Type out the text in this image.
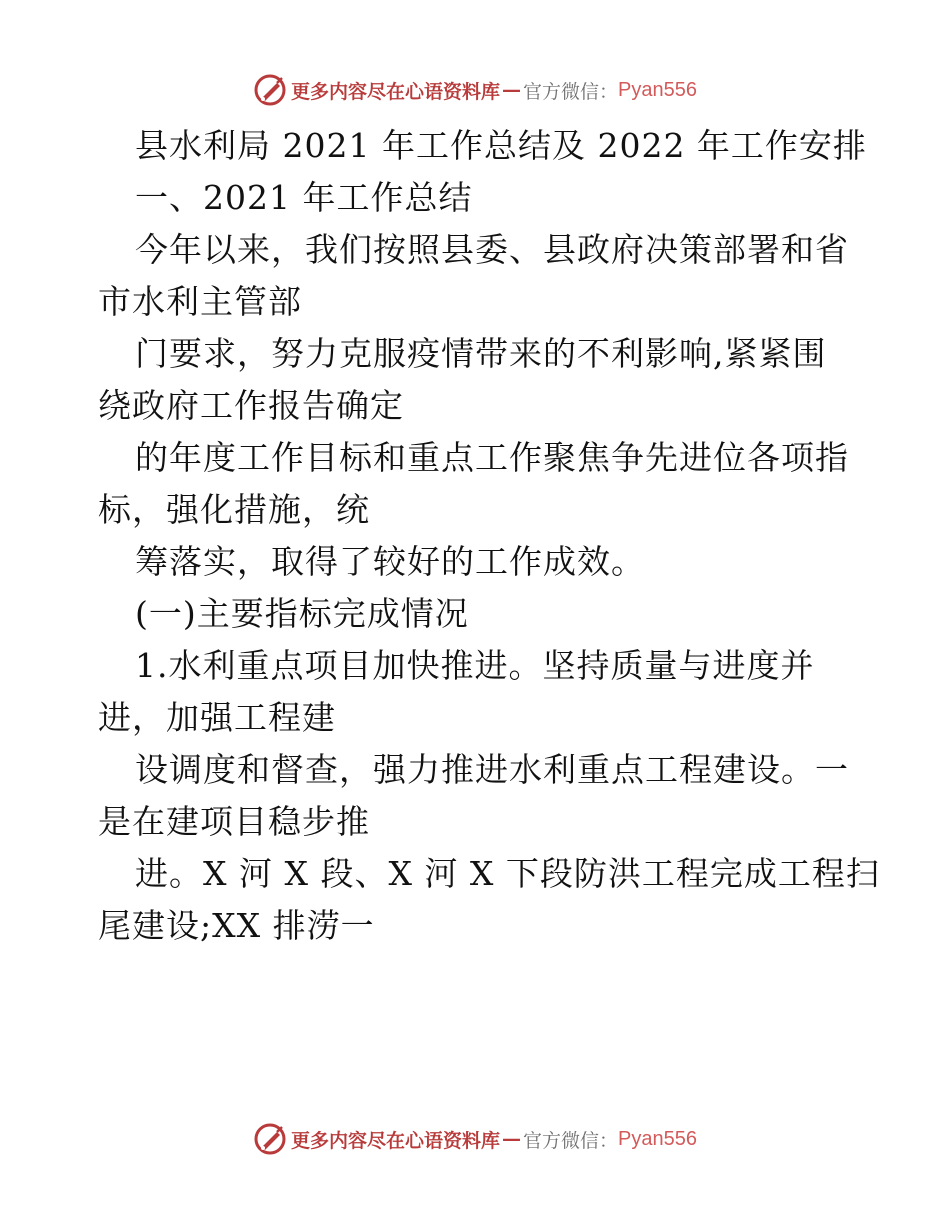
更多内容尽在心语资料库 — 官方微信： Pyan556
县水利局 2021 年工作总结及 2022 年工作安排
一、2021 年工作总结
今年以来，我们按照县委、县政府决策部署和省
市水利主管部
门要求，努力克服疫情带来的不利影响,紧紧围
绕政府工作报告确定
的年度工作目标和重点工作聚焦争先进位各项指
标，强化措施，统
筹落实，取得了较好的工作成效。
(一)主要指标完成情况
1.水利重点项目加快推进。坚持质量与进度并
进，加强工程建
设调度和督查，强力推进水利重点工程建设。一
是在建项目稳步推
进。X 河 X 段、X 河 X 下段防洪工程完成工程扫
尾建设;XX 排涝一
更多内容尽在心语资料库 — 官方微信： Pyan556
